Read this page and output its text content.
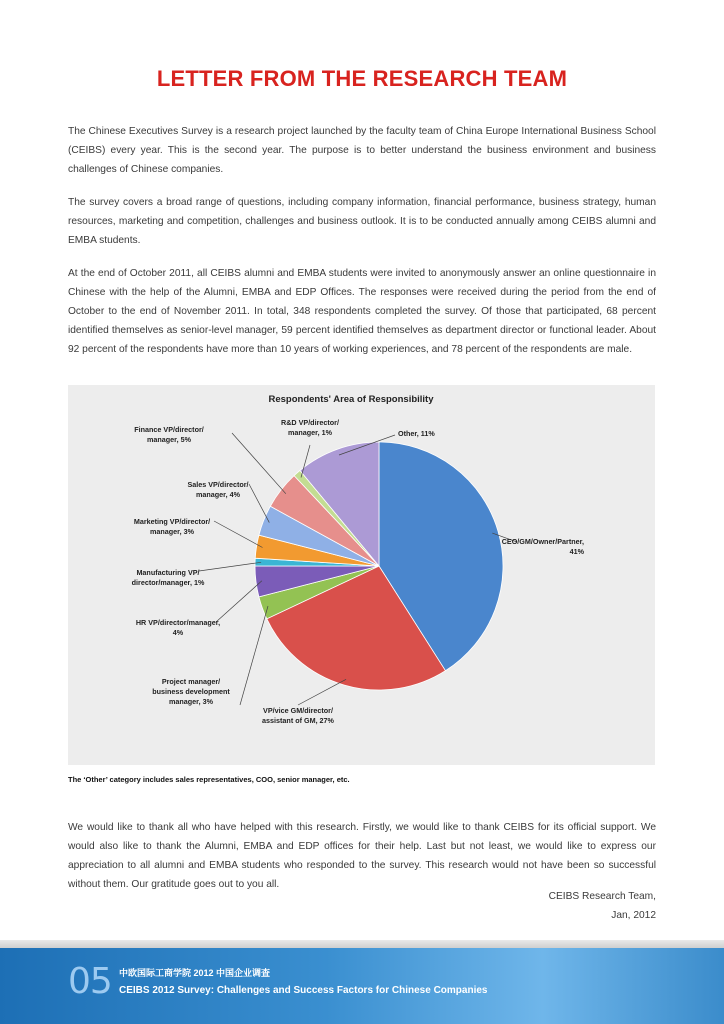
LETTER FROM THE RESEARCH TEAM

The Chinese Executives Survey is a research project launched by the faculty team of China Europe International Business School (CEIBS) every year. This is the second year. The purpose is to better understand the business environment and business challenges of Chinese companies.

The survey covers a broad range of questions, including company information, financial performance, business strategy, human resources, marketing and competition, challenges and business outlook. It is to be conducted annually among CEIBS alumni and EMBA students.

At the end of October 2011, all CEIBS alumni and EMBA students were invited to anonymously answer an online questionnaire in Chinese with the help of the Alumni, EMBA and EDP Offices. The responses were received during the period from the end of October to the end of November 2011. In total, 348 respondents completed the survey. Of those that participated, 68 percent identified themselves as senior-level manager, 59 percent identified themselves as department director or functional leader. About 92 percent of the respondents have more than 10 years of working experiences, and 78 percent of the respondents are male.

Respondents' Area of Responsibility
CEO/GM/Owner/Partner, 41%
VP/vice GM/director/ assistant of GM, 27%
Project manager/ business development manager, 3%
HR VP/director/manager, 4%
Manufacturing VP/ director/manager, 1%
Marketing VP/director/ manager, 3%
Sales VP/director/ manager, 4%
Finance VP/director/ manager, 5%
R&D VP/director/ manager, 1%	Other, 11%
The ‘Other’ category includes sales representatives, COO, senior manager, etc.

We would like to thank all who have helped with this research. Firstly, we would like to thank CEIBS for its official support. We would also like to thank the Alumni, EMBA and EDP offices for their help. Last but not least, we would like to express our appreciation to all alumni and EMBA students who responded to the survey. This research would not have been so successful without them. Our gratitude goes out to you all.

CEIBS Research Team,
Jan, 2012
05 中欧国际工商学院 2012 中国企业调查
CEIBS 2012 Survey: Challenges and Success Factors for Chinese Companies
